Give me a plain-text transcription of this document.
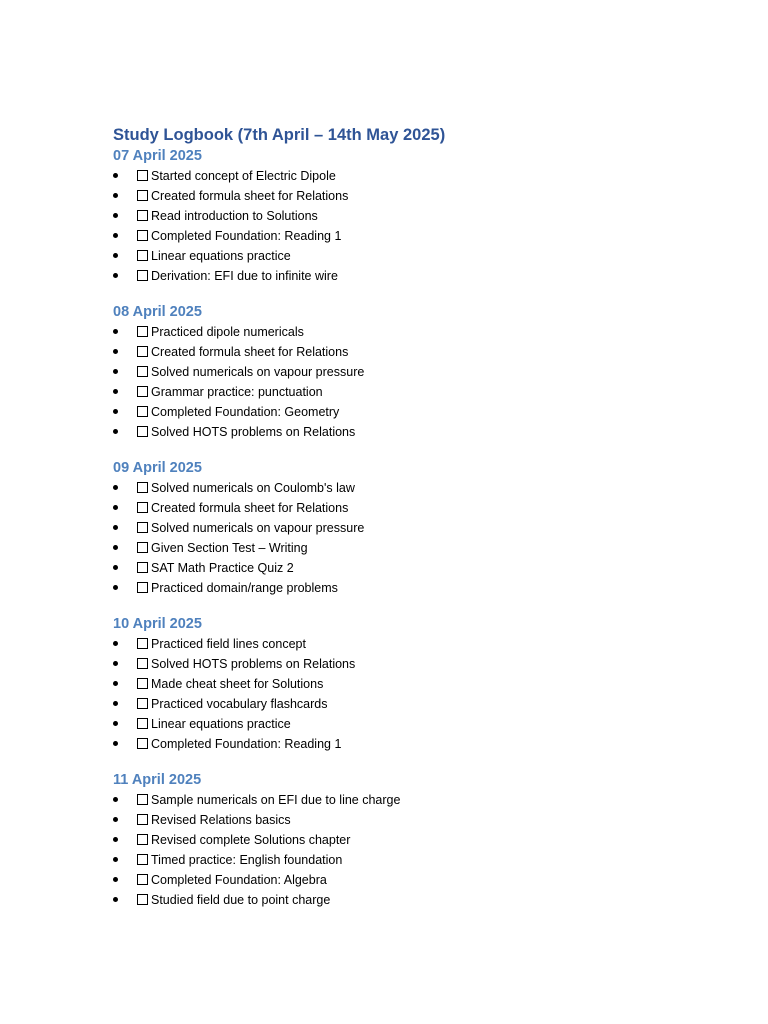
Study Logbook (7th April – 14th May 2025)
07 April 2025
Started concept of Electric Dipole
Created formula sheet for Relations
Read introduction to Solutions
Completed Foundation: Reading 1
Linear equations practice
Derivation: EFI due to infinite wire
08 April 2025
Practiced dipole numericals
Created formula sheet for Relations
Solved numericals on vapour pressure
Grammar practice: punctuation
Completed Foundation: Geometry
Solved HOTS problems on Relations
09 April 2025
Solved numericals on Coulomb's law
Created formula sheet for Relations
Solved numericals on vapour pressure
Given Section Test – Writing
SAT Math Practice Quiz 2
Practiced domain/range problems
10 April 2025
Practiced field lines concept
Solved HOTS problems on Relations
Made cheat sheet for Solutions
Practiced vocabulary flashcards
Linear equations practice
Completed Foundation: Reading 1
11 April 2025
Sample numericals on EFI due to line charge
Revised Relations basics
Revised complete Solutions chapter
Timed practice: English foundation
Completed Foundation: Algebra
Studied field due to point charge
